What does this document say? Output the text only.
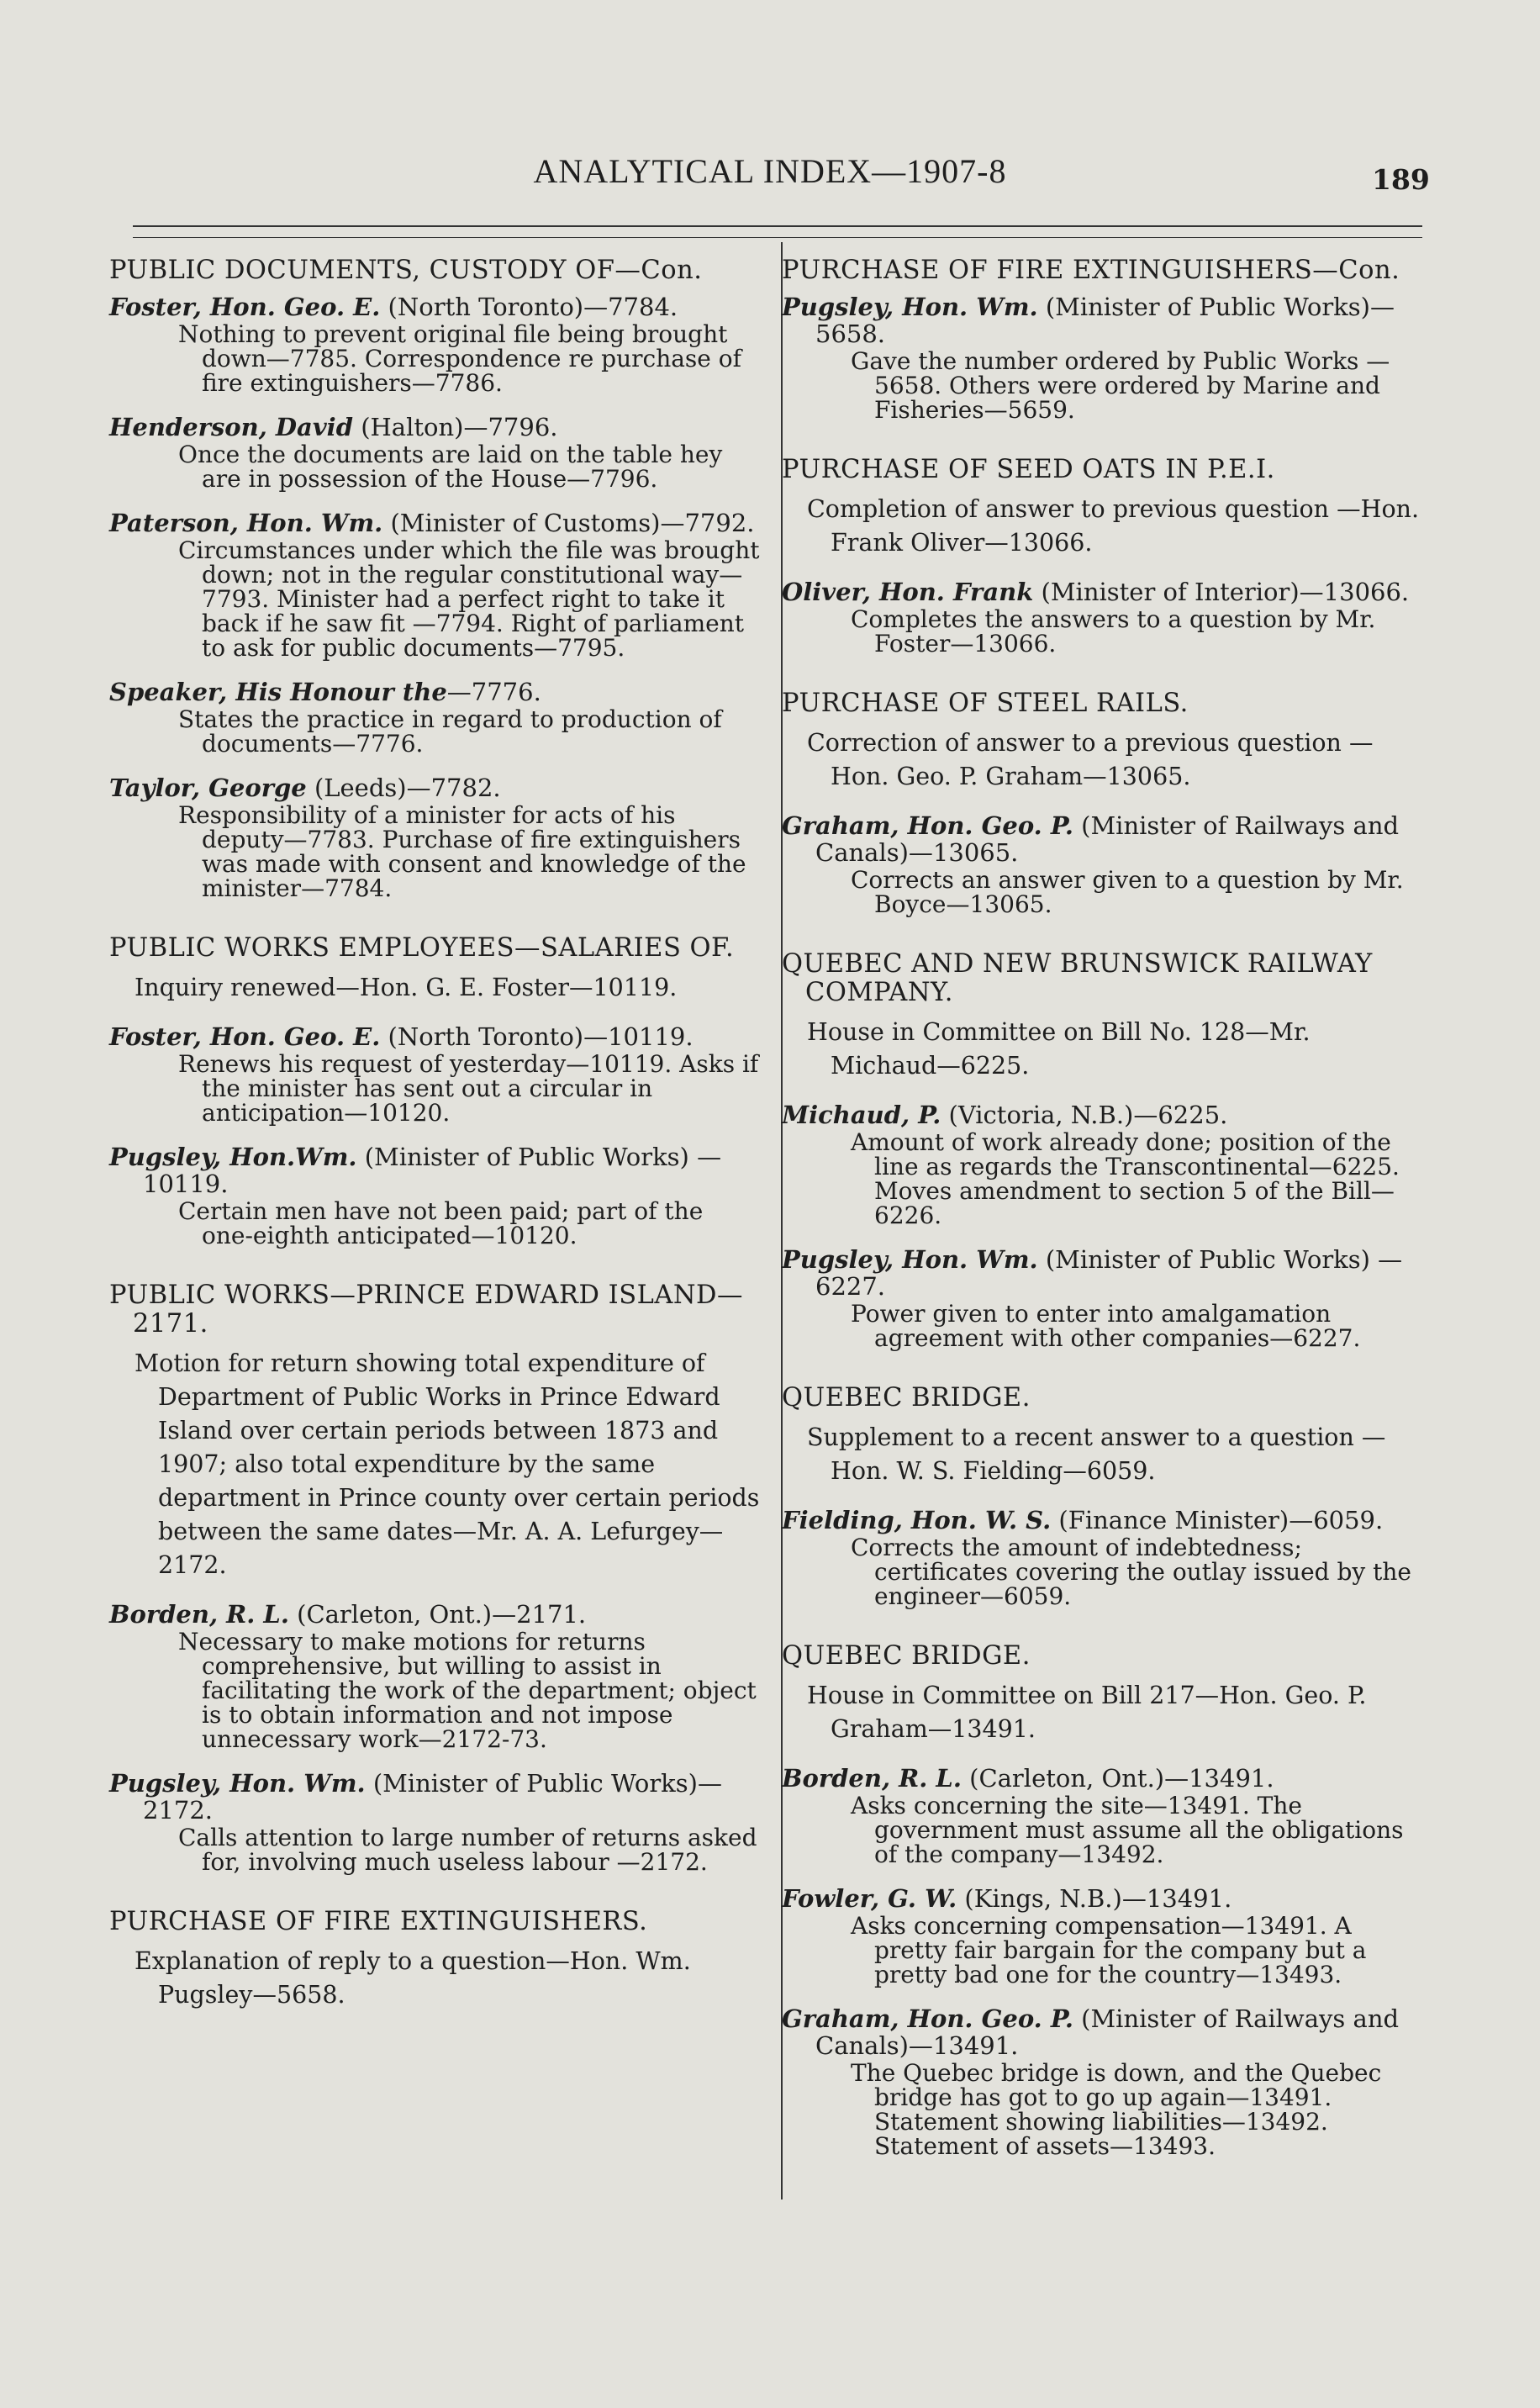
ANALYTICAL INDEX—1907-8	189
PUBLIC DOCUMENTS, CUSTODY OF—Con.
Foster, Hon. Geo. E. (North Toronto)—7784.
Nothing to prevent original file being brought down—7785. Correspondence re purchase of fire extinguishers—7786.
Henderson, David (Halton)—7796.
Once the documents are laid on the table hey are in possession of the House—7796.
Paterson, Hon. Wm. (Minister of Customs)—7792.
Circumstances under which the file was brought down; not in the regular constitutional way—7793. Minister had a perfect right to take it back if he saw fit —7794. Right of parliament to ask for public documents—7795.
Speaker, His Honour the—7776.
States the practice in regard to production of documents—7776.
Taylor, George (Leeds)—7782.
Responsibility of a minister for acts of his deputy—7783. Purchase of fire extinguishers was made with consent and knowledge of the minister—7784.
PUBLIC WORKS EMPLOYEES—SALARIES OF.
Inquiry renewed—Hon. G. E. Foster—10119.
Foster, Hon. Geo. E. (North Toronto)—10119.
Renews his request of yesterday—10119. Asks if the minister has sent out a circular in anticipation—10120.
Pugsley, Hon.Wm. (Minister of Public Works) —10119.
Certain men have not been paid; part of the one-eighth anticipated—10120.
PUBLIC WORKS—PRINCE EDWARD ISLAND—2171.
Motion for return showing total expenditure of Department of Public Works in Prince Edward Island over certain periods between 1873 and 1907; also total expenditure by the same department in Prince county over certain periods between the same dates—Mr. A. A. Lefurgey—2172.
Borden, R. L. (Carleton, Ont.)—2171.
Necessary to make motions for returns comprehensive, but willing to assist in facilitating the work of the department; object is to obtain information and not impose unnecessary work—2172-73.
Pugsley, Hon. Wm. (Minister of Public Works)—2172.
Calls attention to large number of returns asked for, involving much useless labour —2172.
PURCHASE OF FIRE EXTINGUISHERS.
Explanation of reply to a question—Hon. Wm. Pugsley—5658.
PURCHASE OF FIRE EXTINGUISHERS—Con.
Pugsley, Hon. Wm. (Minister of Public Works)—5658.
Gave the number ordered by Public Works —5658. Others were ordered by Marine and Fisheries—5659.
PURCHASE OF SEED OATS IN P.E.I.
Completion of answer to previous question —Hon. Frank Oliver—13066.
Oliver, Hon. Frank (Minister of Interior)—13066.
Completes the answers to a question by Mr. Foster—13066.
PURCHASE OF STEEL RAILS.
Correction of answer to a previous question —Hon. Geo. P. Graham—13065.
Graham, Hon. Geo. P. (Minister of Railways and Canals)—13065.
Corrects an answer given to a question by Mr. Boyce—13065.
QUEBEC AND NEW BRUNSWICK RAILWAY COMPANY.
House in Committee on Bill No. 128—Mr. Michaud—6225.
Michaud, P. (Victoria, N.B.)—6225.
Amount of work already done; position of the line as regards the Transcontinental—6225. Moves amendment to section 5 of the Bill—6226.
Pugsley, Hon. Wm. (Minister of Public Works) —6227.
Power given to enter into amalgamation agreement with other companies—6227.
QUEBEC BRIDGE.
Supplement to a recent answer to a question —Hon. W. S. Fielding—6059.
Fielding, Hon. W. S. (Finance Minister)—6059.
Corrects the amount of indebtedness; certificates covering the outlay issued by the engineer—6059.
QUEBEC BRIDGE.
House in Committee on Bill 217—Hon. Geo. P. Graham—13491.
Borden, R. L. (Carleton, Ont.)—13491.
Asks concerning the site—13491. The government must assume all the obligations of the company—13492.
Fowler, G. W. (Kings, N.B.)—13491.
Asks concerning compensation—13491. A pretty fair bargain for the company but a pretty bad one for the country—13493.
Graham, Hon. Geo. P. (Minister of Railways and Canals)—13491.
The Quebec bridge is down, and the Quebec bridge has got to go up again—13491. Statement showing liabilities—13492. Statement of assets—13493.
